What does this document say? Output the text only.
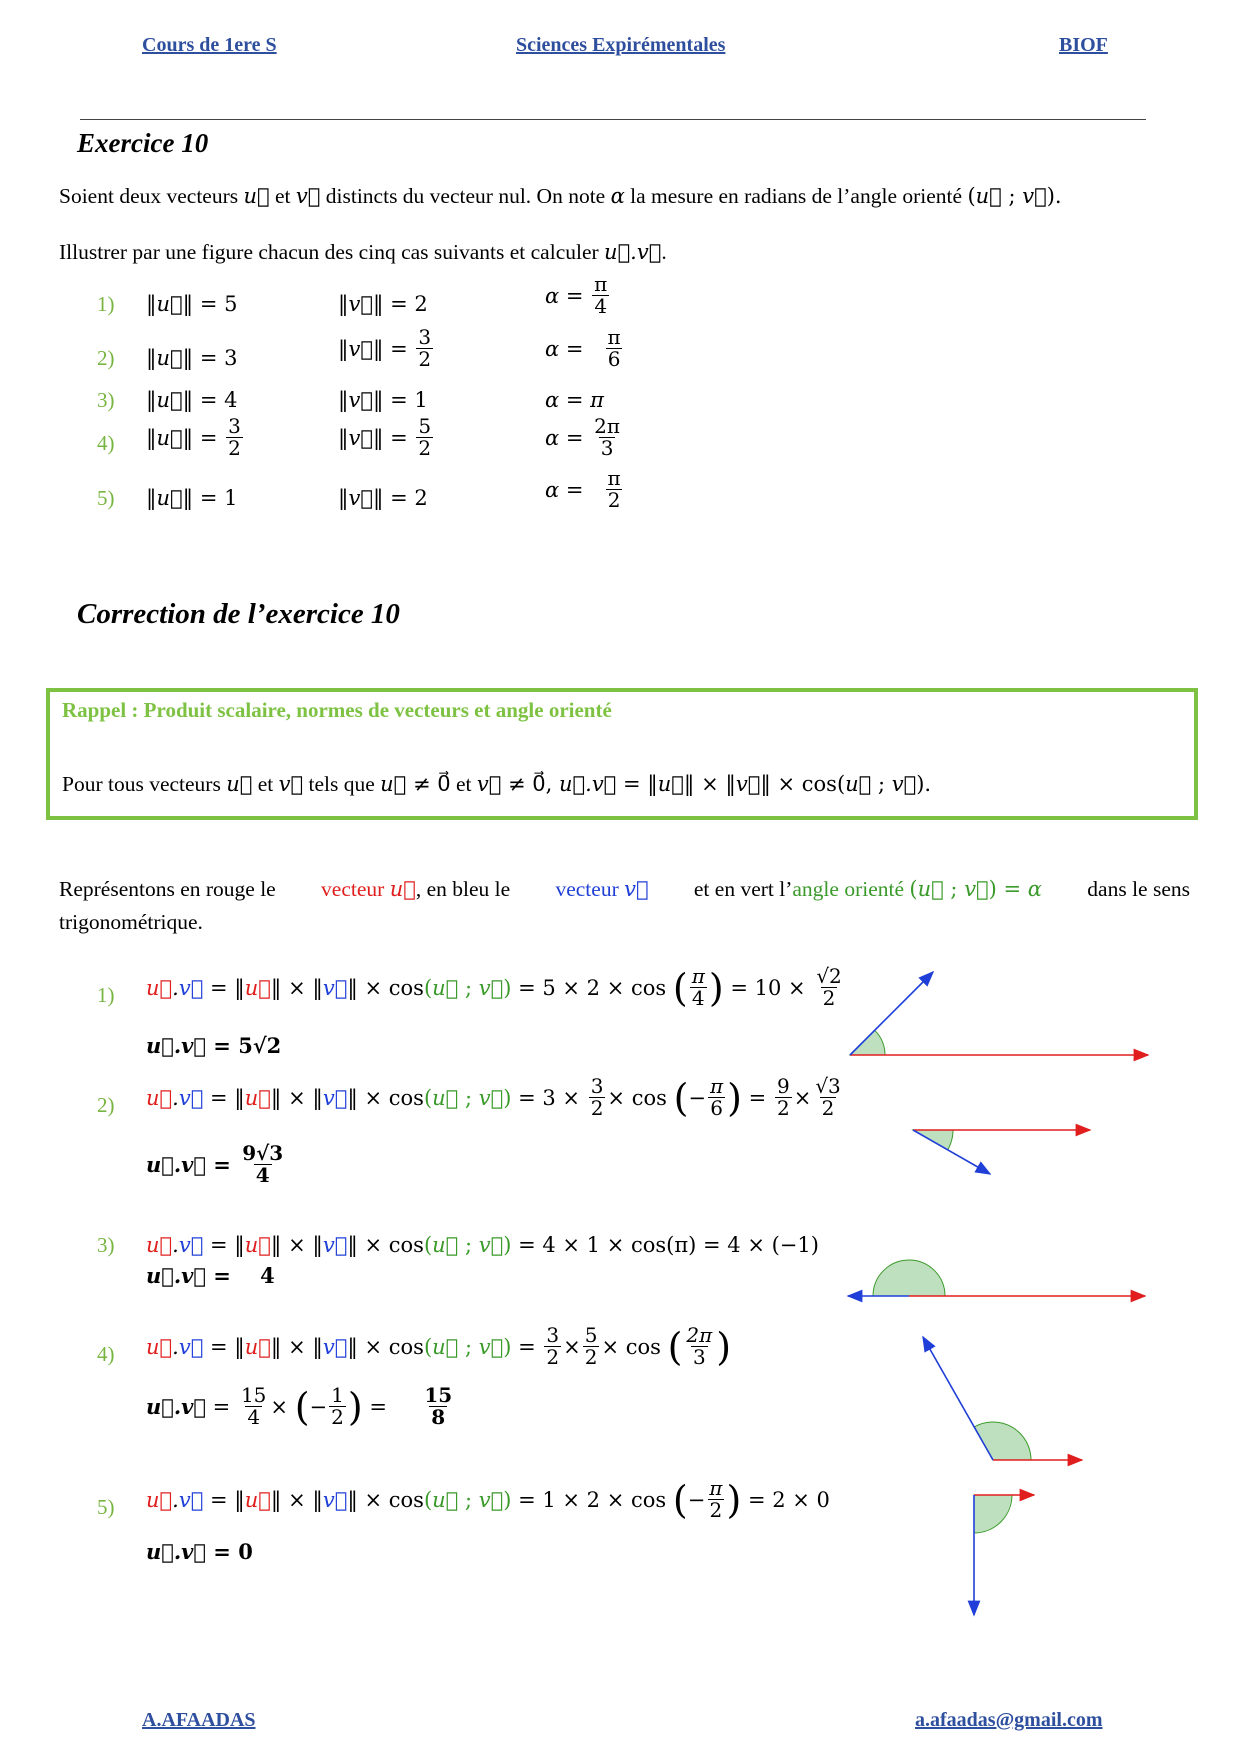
Cours de 1ere S	Sciences Expirémentales	BIOF
Exercice 10
Soient deux vecteurs u⃗ et v⃗ distincts du vecteur nul. On note α la mesure en radians de l’angle orienté (u⃗ ; v⃗).
Illustrer par une figure chacun des cinq cas suivants et calculer u⃗.v⃗.
1) ‖u⃗‖ = 5	‖v⃗‖ = 2	$\alpha = \frac{\pi}{4}$
2) ‖u⃗‖ = 3	‖ v⃗ ‖ = $\frac{3}{2}$	$\alpha = \frac{\pi}{6}$
3) ‖u⃗‖ = 4	‖v⃗‖ = 1	α = π
4) ‖ u⃗ ‖ = $\frac{3}{2}$	‖ v⃗ ‖ = $\frac{5}{2}$	$\alpha = \frac{2\pi}{3}$
5) ‖u⃗‖ = 1	‖v⃗‖ = 2	$\alpha = \frac{\pi}{2}$
Correction de l’exercice 10
Rappel : Produit scalaire, normes de vecteurs et angle orienté
Pour tous vecteurs u⃗ et v⃗ tels que u⃗ ≠ 0⃗ et v⃗ ≠ 0⃗, u⃗.v⃗ = ‖u⃗‖ × ‖v⃗‖ × cos(u⃗ ; v⃗).
Représentons en rouge le vecteur u⃗, en bleu le vecteur v⃗ et en vert l’angle orienté (u⃗ ; v⃗) = α dans le sens
trigonométrique.
1) u⃗ . v⃗ = ‖ u⃗ ‖ × ‖ v⃗ ‖ × cos (u⃗ ; v⃗)
= 5 × 2 × cos
( $\frac{\pi}{4}$ )
= 10 ×
$\frac{√2}{2}$
u⃗.v⃗ = 5√2
2) u⃗ . v⃗ = ‖ u⃗ ‖ × ‖ v⃗ ‖ × cos (u⃗ ; v⃗)
= 3 ×
$\frac{3}{2} \times \cos$
( − $\frac{\pi}{6}$ )
=
$\frac{9}{2} \times \frac{√3}{2}$
u⃗.v⃗ = $\frac{9√3}{4}$
3) u⃗.v⃗ = ‖u⃗‖ × ‖v⃗‖ × cos(u⃗ ; v⃗) = 4 × 1 × cos(π) = 4 × (−1)
u⃗.v⃗ =    4
4) u⃗ . v⃗ = ‖ u⃗ ‖ × ‖ v⃗ ‖ × cos (u⃗ ; v⃗) = $\frac{3}{2} \times \frac{5}{2} \times \cos$
( $\frac{2\pi}{3}$ )
u⃗.v⃗ = $\frac{15}{4}$ × ( − $\frac{1}{2}$ ) = $\frac{15}{8}$
5) u⃗ . v⃗ = ‖ u⃗ ‖ × ‖ v⃗ ‖ × cos (u⃗ ; v⃗)
= 1 × 2 × cos
( − $\frac{\pi}{2}$ )
= 2 × 0
u⃗.v⃗ = 0
A.AFAADAS	a.afaadas@gmail.com
